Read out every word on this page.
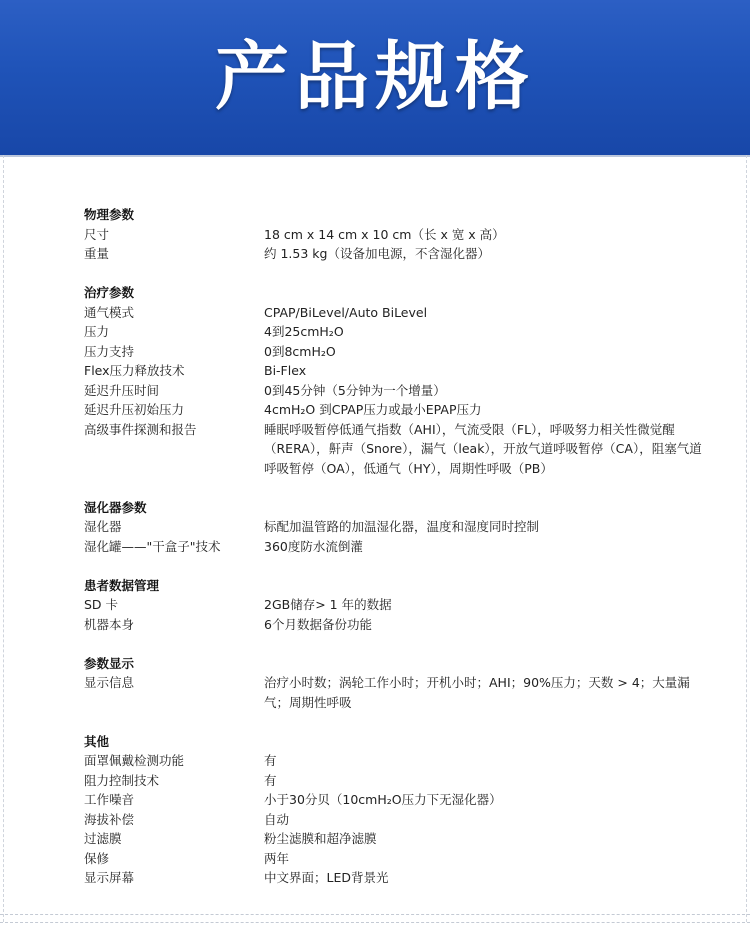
产品规格
物理参数
尺寸	18 cm x 14 cm x 10 cm（长 x 宽 x 高）
重量	约 1.53 kg（设备加电源，不含湿化器）
治疗参数
通气模式	CPAP/BiLevel/Auto BiLevel
压力	4到25cmH₂O
压力支持	0到8cmH₂O
Flex压力释放技术	Bi-Flex
延迟升压时间	0到45分钟（5分钟为一个增量）
延迟升压初始压力	4cmH₂O 到CPAP压力或最小EPAP压力
高级事件探测和报告	睡眠呼吸暂停低通气指数（AHI），气流受限（FL），呼吸努力相关性微觉醒（RERA），鼾声（Snore），漏气（leak），开放气道呼吸暂停（CA），阻塞气道呼吸暂停（OA），低通气（HY），周期性呼吸（PB）
湿化器参数
湿化器	标配加温管路的加温湿化器，温度和湿度同时控制
湿化罐——"干盒子"技术	360度防水流倒灌
患者数据管理
SD 卡	2GB储存> 1 年的数据
机器本身	6个月数据备份功能
参数显示
显示信息	治疗小时数；涡轮工作小时；开机小时；AHI；90%压力；天数 > 4；大量漏气；周期性呼吸
其他
面罩佩戴检测功能	有
阻力控制技术	有
工作噪音	小于30分贝（10cmH₂O压力下无湿化器）
海拔补偿	自动
过滤膜	粉尘滤膜和超净滤膜
保修	两年
显示屏幕	中文界面；LED背景光
